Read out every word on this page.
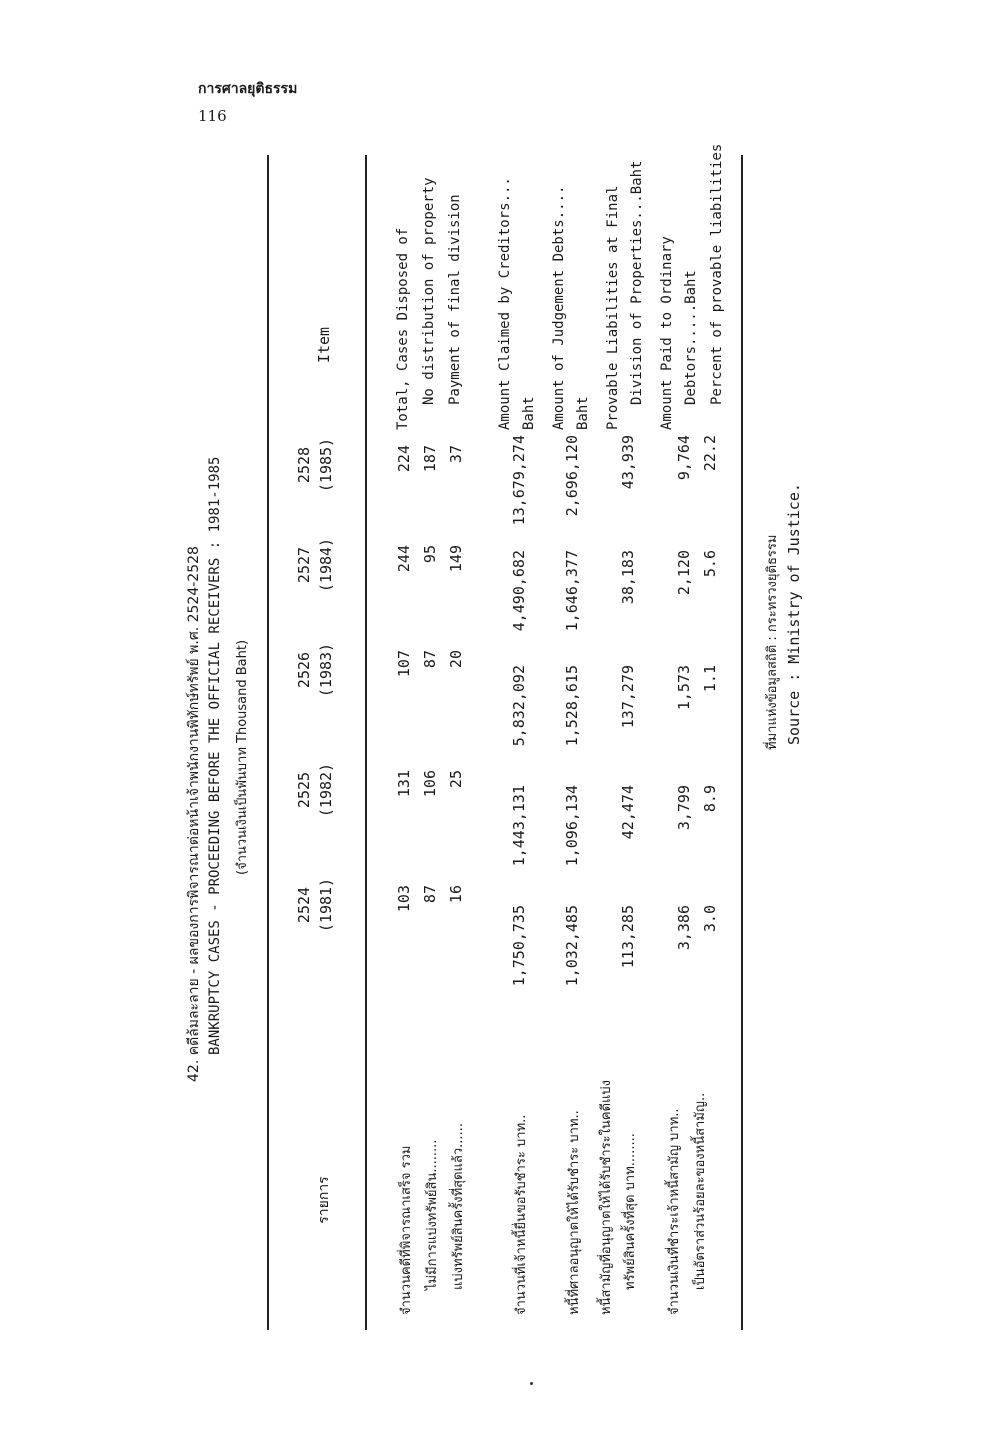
การศาลยุติธรรม
116
42. คดีล้มละลาย - ผลของการพิจารณาต่อหน้าเจ้าพนักงานพิทักษ์ทรัพย์ พ.ศ. 2524-2528 BANKRUPTCY CASES - PROCEEDING BEFORE THE OFFICIAL RECEIVERS : 1981-1985 (จำนวนเงินเป็นพันบาท Thousand Baht)
รายการ
2524 (1981)
2525 (1982)
2526 (1983)
2527 (1984)
2528 (1985)
Item
จำนวนคดีที่พิจารณาเสร็จ รวม
103
131
107
244
224
Total, Cases Disposed of
ไม่มีการแบ่งทรัพย์สิน........
87
106
87
95
187
No distribution of property
แบ่งทรัพย์สินครั้งที่สุดแล้ว......
16
25
20
149
37
Payment of final division
จำนวนที่เจ้าหนี้ยื่นขอรับชำระ บาท..
1,750,735
1,443,131
5,832,092
4,490,682
13,679,274
Amount Claimed by Creditors... Baht
หนี้ที่ศาลอนุญาตให้ได้รับชำระ บาท..
1,032,485
1,096,134
1,528,615
1,646,377
2,696,120
Amount of Judgement Debts.... Baht
หนี้สามัญที่อนุญาตให้ได้รับชำระในคดีแบ่ง ทรัพย์สินครั้งที่สุด บาท........
113,285
42,474
137,279
38,183
43,939
Provable Liabilities at Final Division of Properties...Baht
จำนวนเงินที่ชำระเจ้าหนี้สามัญ บาท..
3,386
3,799
1,573
2,120
9,764
Amount Paid to Ordinary Debtors.....Baht
เป็นอัตราส่วนร้อยละของหนี้สามัญ..
3.0
8.9
1.1
5.6
22.2
Percent of provable liabilities
ที่มาแห่งข้อมูลสถิติ : กระทรวงยุติธรรม Source : Ministry of Justice.
